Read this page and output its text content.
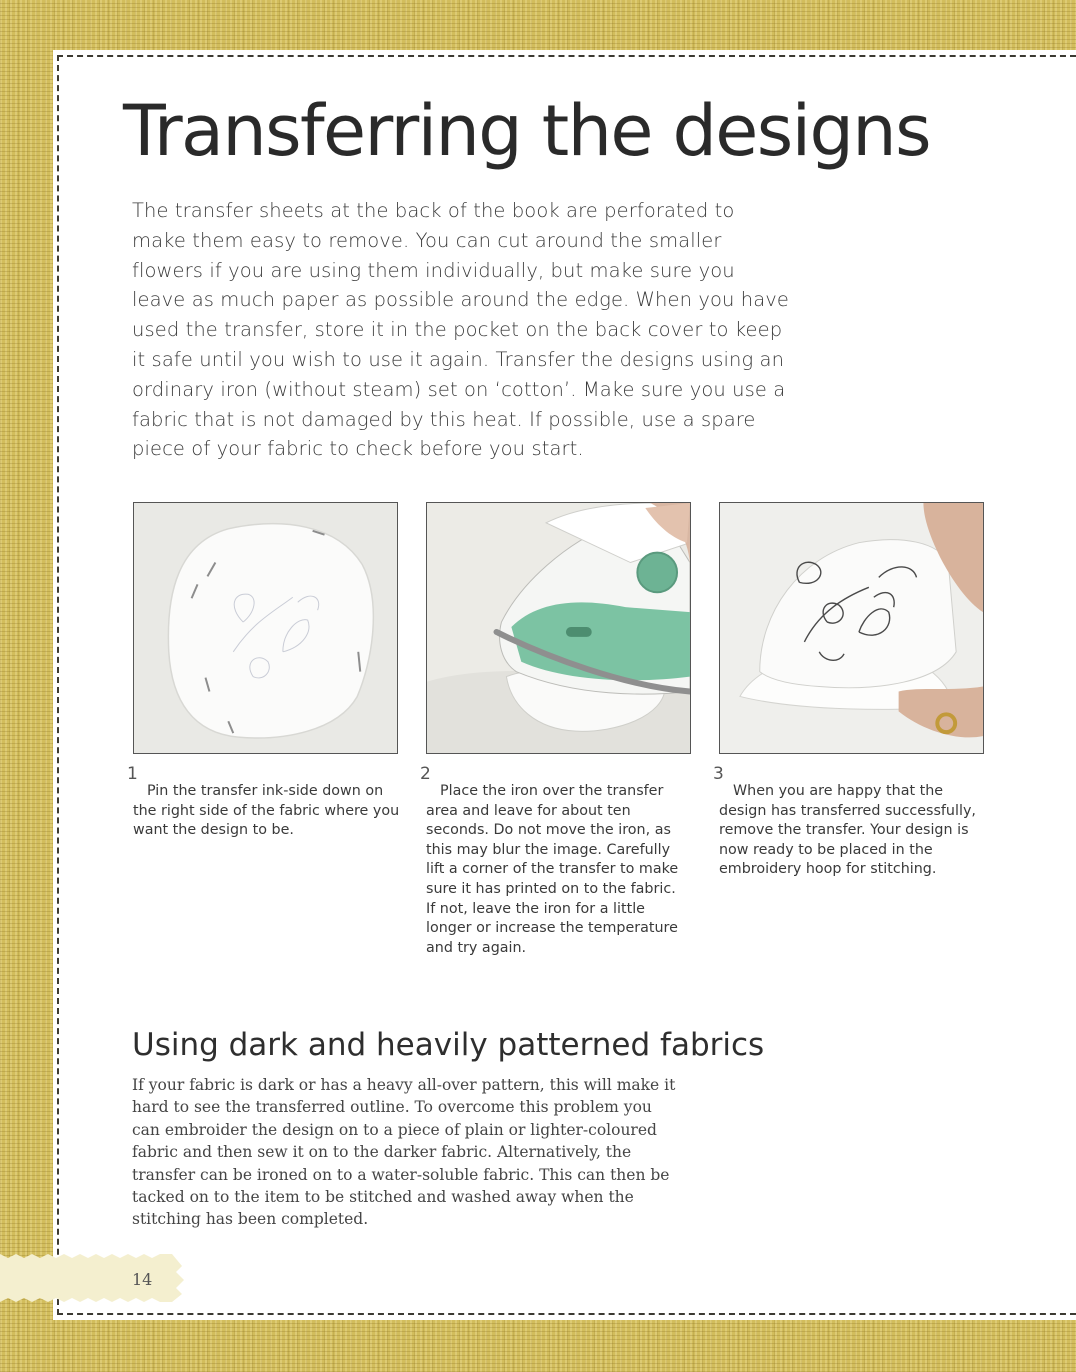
Transferring the designs

The transfer sheets at the back of the book are perforated to make them easy to remove. You can cut around the smaller flowers if you are using them individually, but make sure you leave as much paper as possible around the edge. When you have used the transfer, store it in the pocket on the back cover to keep it safe until you wish to use it again. Transfer the designs using an ordinary iron (without steam) set on ‘cotton’. Make sure you use a fabric that is not damaged by this heat. If possible, use a spare piece of your fabric to check before you start.

1

Pin the transfer ink-side down on the right side of the fabric where you want the design to be.

2

Place the iron over the transfer area and leave for about ten seconds. Do not move the iron, as this may blur the image. Carefully lift a corner of the transfer to make sure it has printed on to the fabric. If not, leave the iron for a little longer or increase the temperature and try again.

3

When you are happy that the design has transferred successfully, remove the transfer. Your design is now ready to be placed in the embroidery hoop for stitching.

Using dark and heavily patterned fabrics

If your fabric is dark or has a heavy all-over pattern, this will make it hard to see the transferred outline. To overcome this problem you can embroider the design on to a piece of plain or lighter-coloured fabric and then sew it on to the darker fabric. Alternatively, the transfer can be ironed on to a water-soluble fabric. This can then be tacked on to the item to be stitched and washed away when the stitching has been completed.

14
